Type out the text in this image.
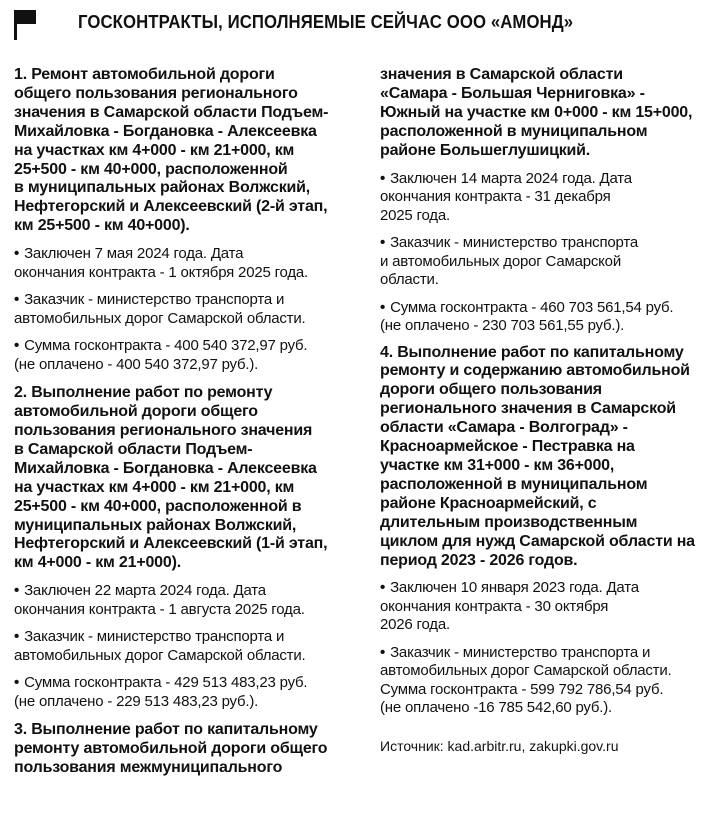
ГОСКОНТРАКТЫ, ИСПОЛНЯЕМЫЕ СЕЙЧАС ООО «АМОНД»
1. Ремонт автомобильной дороги
общего пользования регионального
значения в Самарской области Подъем-
Михайловка - Богдановка - Алексеевка
на участках км 4+000 - км 21+000, км
25+500 - км 40+000, расположенной
в муниципальных районах Волжский,
Нефтегорский и Алексеевский (2-й этап,
км 25+500 - км 40+000).
• Заключен 7 мая 2024 года. Дата
окончания контракта - 1 октября 2025 года.
• Заказчик - министерство транспорта и
автомобильных дорог Самарской области.
• Сумма госконтракта - 400 540 372,97 руб.
(не оплачено - 400 540 372,97 руб.).
2. Выполнение работ по ремонту
автомобильной дороги общего
пользования регионального значения
в Самарской области Подъем-
Михайловка - Богдановка - Алексеевка
на участках км 4+000 - км 21+000, км
25+500 - км 40+000, расположенной в
муниципальных районах Волжский,
Нефтегорский и Алексеевский (1-й этап,
км 4+000 - км 21+000).
• Заключен 22 марта 2024 года. Дата
окончания контракта - 1 августа 2025 года.
• Заказчик - министерство транспорта и
автомобильных дорог Самарской области.
• Сумма госконтракта - 429 513 483,23 руб.
(не оплачено - 229 513 483,23 руб.).
3. Выполнение работ по капитальному
ремонту автомобильной дороги общего
пользования межмуниципального
значения в Самарской области
«Самара - Большая Черниговка» -
Южный на участке км 0+000 - км 15+000,
расположенной в муниципальном
районе Большеглушицкий.
• Заключен 14 марта 2024 года. Дата
окончания контракта - 31 декабря
2025 года.
• Заказчик - министерство транспорта
и автомобильных дорог Самарской
области.
• Сумма госконтракта - 460 703 561,54 руб.
(не оплачено - 230 703 561,55 руб.).
4. Выполнение работ по капитальному
ремонту и содержанию автомобильной
дороги общего пользования
регионального значения в Самарской
области «Самара - Волгоград» -
Красноармейское - Пестравка на
участке км 31+000 - км 36+000,
расположенной в муниципальном
районе Красноармейский, с
длительным производственным
циклом для нужд Самарской области на
период 2023 - 2026 годов.
• Заключен 10 января 2023 года. Дата
окончания контракта - 30 октября
2026 года.
• Заказчик - министерство транспорта и
автомобильных дорог Самарской области.
Сумма госконтракта - 599 792 786,54 руб.
(не оплачено -16 785 542,60 руб.).
Источник: kad.arbitr.ru, zakupki.gov.ru
